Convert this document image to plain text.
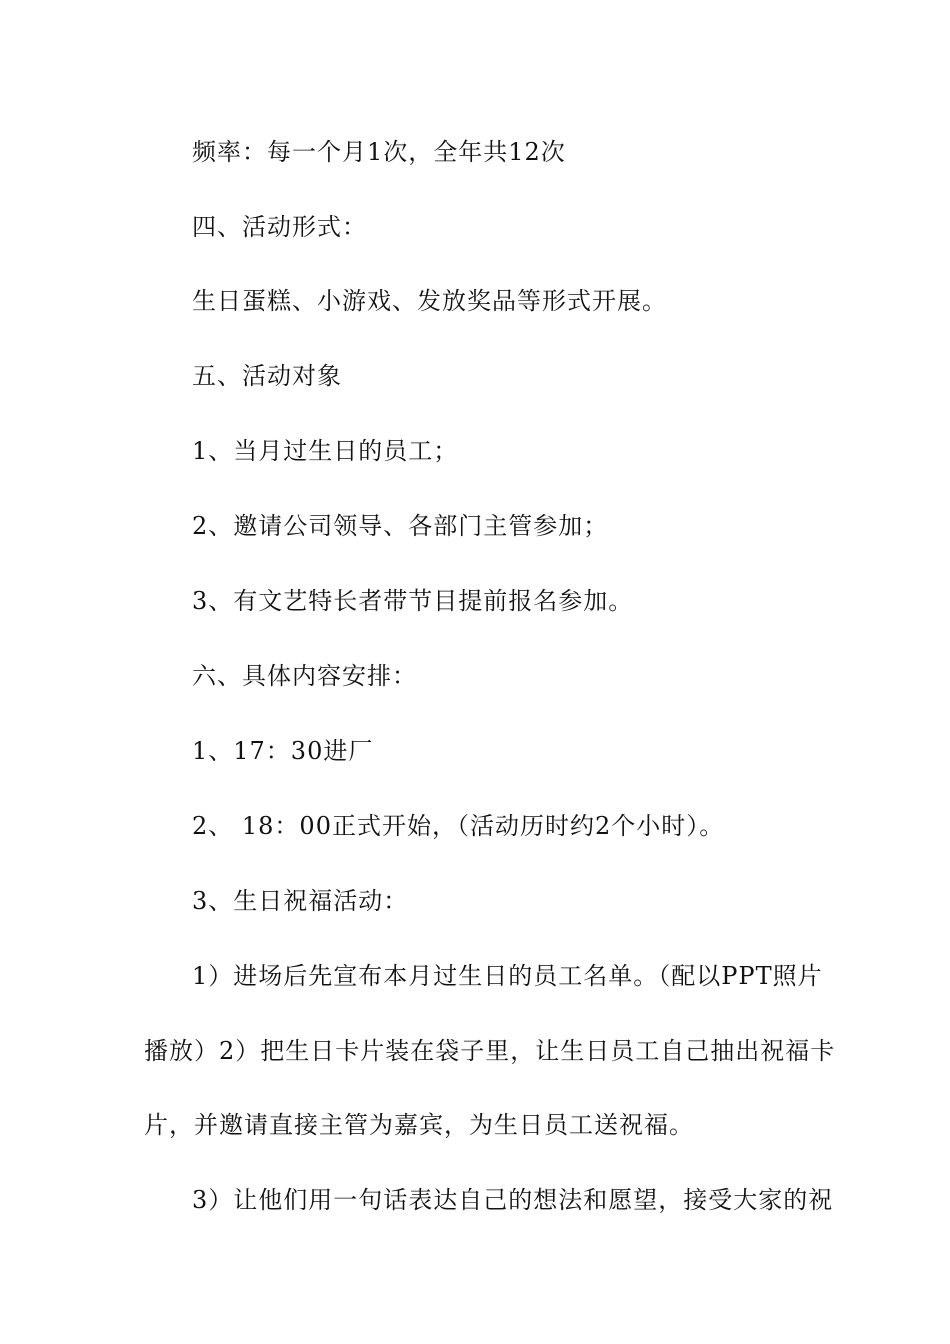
频率：每一个月1次，全年共12次
四、活动形式：
生日蛋糕、小游戏、发放奖品等形式开展。
五、活动对象
1、当月过生日的员工；
2、邀请公司领导、各部门主管参加；
3、有文艺特长者带节目提前报名参加。
六、具体内容安排：
1、17：30进厂
2、 18：00正式开始，（活动历时约2个小时）。
3、生日祝福活动：
1）进场后先宣布本月过生日的员工名单。（配以PPT照片
播放）2）把生日卡片装在袋子里，让生日员工自己抽出祝福卡
片，并邀请直接主管为嘉宾，为生日员工送祝福。
3）让他们用一句话表达自己的想法和愿望，接受大家的祝
